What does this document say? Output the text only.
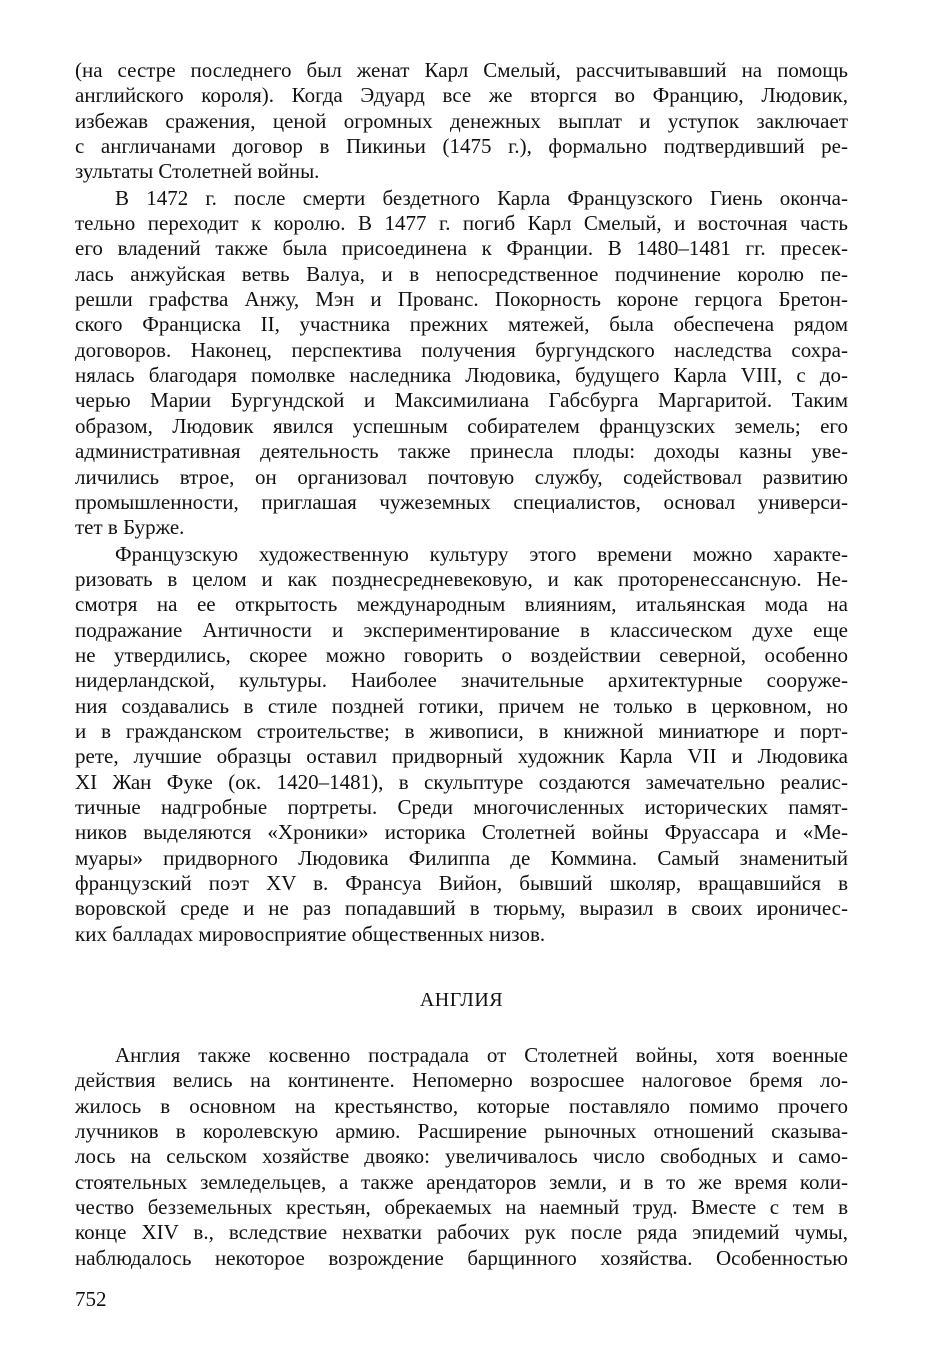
(на сестре последнего был женат Карл Смелый, рассчитывавший на помощь
английского короля). Когда Эдуард все же вторгся во Францию, Людовик,
избежав сражения, ценой огромных денежных выплат и уступок заключает
с англичанами договор в Пикиньи (1475 г.), формально подтвердивший ре-
зультаты Столетней войны.

В 1472 г. после смерти бездетного Карла Французского Гиень оконча-
тельно переходит к королю. В 1477 г. погиб Карл Смелый, и восточная часть
его владений также была присоединена к Франции. В 1480–1481 гг. пресек-
лась анжуйская ветвь Валуа, и в непосредственное подчинение королю пе-
решли графства Анжу, Мэн и Прованс. Покорность короне герцога Бретон-
ского Франциска II, участника прежних мятежей, была обеспечена рядом
договоров. Наконец, перспектива получения бургундского наследства сохра-
нялась благодаря помолвке наследника Людовика, будущего Карла VIII, с до-
черью Марии Бургундской и Максимилиана Габсбурга Маргаритой. Таким
образом, Людовик явился успешным собирателем французских земель; его
административная деятельность также принесла плоды: доходы казны уве-
личились втрое, он организовал почтовую службу, содействовал развитию
промышленности, приглашая чужеземных специалистов, основал универси-
тет в Бурже.

Французскую художественную культуру этого времени можно характе-
ризовать в целом и как позднесредневековую, и как проторенессансную. Не-
смотря на ее открытость международным влияниям, итальянская мода на
подражание Античности и экспериментирование в классическом духе еще
не утвердились, скорее можно говорить о воздействии северной, особенно
нидерландской, культуры. Наиболее значительные архитектурные сооруже-
ния создавались в стиле поздней готики, причем не только в церковном, но
и в гражданском строительстве; в живописи, в книжной миниатюре и порт-
рете, лучшие образцы оставил придворный художник Карла VII и Людовика
XI Жан Фуке (ок. 1420–1481), в скульптуре создаются замечательно реалис-
тичные надгробные портреты. Среди многочисленных исторических памят-
ников выделяются «Хроники» историка Столетней войны Фруассара и «Ме-
муары» придворного Людовика Филиппа де Коммина. Самый знаменитый
французский поэт XV в. Франсуа Вийон, бывший школяр, вращавшийся в
воровской среде и не раз попадавший в тюрьму, выразил в своих ироничес-
ких балладах мировосприятие общественных низов.

АНГЛИЯ

Англия также косвенно пострадала от Столетней войны, хотя военные
действия велись на континенте. Непомерно возросшее налоговое бремя ло-
жилось в основном на крестьянство, которые поставляло помимо прочего
лучников в королевскую армию. Расширение рыночных отношений сказыва-
лось на сельском хозяйстве двояко: увеличивалось число свободных и само-
стоятельных земледельцев, а также арендаторов земли, и в то же время коли-
чество безземельных крестьян, обрекаемых на наемный труд. Вместе с тем в
конце XIV в., вследствие нехватки рабочих рук после ряда эпидемий чумы,
наблюдалось некоторое возрождение барщинного хозяйства. Особенностью

752
